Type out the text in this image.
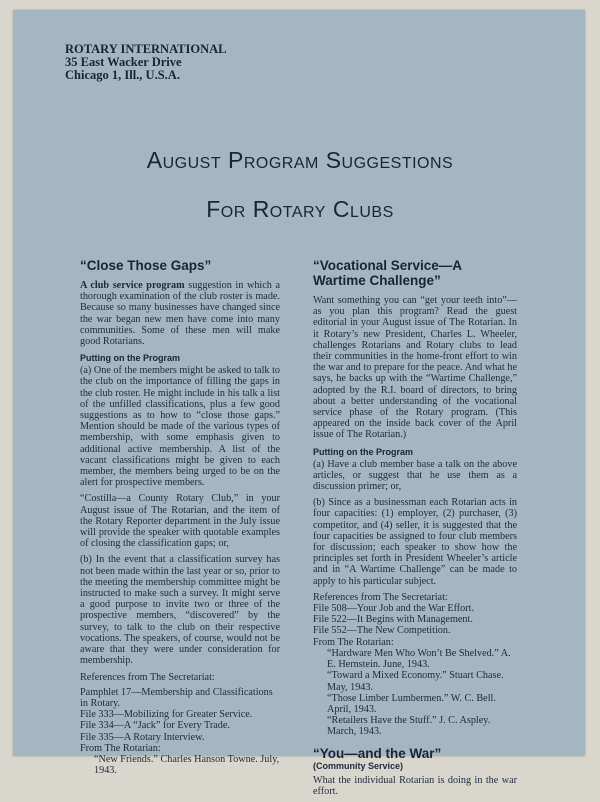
ROTARY INTERNATIONAL
35 East Wacker Drive
Chicago 1, Ill., U.S.A.
August Program Suggestions
For Rotary Clubs
“Close Those Gaps”

A club service program suggestion in which a thorough examination of the club roster is made. Because so many businesses have changed since the war began new men have come into many communities. Some of these men will make good Rotarians.

Putting on the Program

(a) One of the members might be asked to talk to the club on the importance of filling the gaps in the club roster. He might include in his talk a list of the unfilled classifications, plus a few good suggestions as to how to “close those gaps.” Mention should be made of the various types of membership, with some emphasis given to additional active membership. A list of the vacant classifications might be given to each member, the members being urged to be on the alert for prospective members.

“Costilla—a County Rotary Club,” in your August issue of The Rotarian, and the item of the Rotary Reporter department in the July issue will provide the speaker with quotable examples of closing the classification gaps; or,

(b) In the event that a classification survey has not been made within the last year or so, prior to the meeting the membership committee might be instructed to make such a survey. It might serve a good purpose to invite two or three of the prospective members, “discovered” by the survey, to talk to the club on their respective vocations. The speakers, of course, would not be aware that they were under consideration for membership.

References from The Secretariat:

Pamphlet 17—Membership and Classifications in Rotary.

File 333—Mobilizing for Greater Service.

File 334—A “Jack” for Every Trade.

File 335—A Rotary Interview.

From The Rotarian:

“New Friends.” Charles Hanson Towne. July, 1943.

“Vocational Service—A Wartime Challenge”

Want something you can “get your teeth into”—as you plan this program? Read the guest editorial in your August issue of The Rotarian. In it Rotary’s new President, Charles L. Wheeler, challenges Rotarians and Rotary clubs to lead their communities in the home-front effort to win the war and to prepare for the peace. And what he says, he backs up with the “Wartime Challenge,” adopted by the R.I. board of directors, to bring about a better understanding of the vocational service phase of the Rotary program. (This appeared on the inside back cover of the April issue of The Rotarian.)

Putting on the Program

(a) Have a club member base a talk on the above articles, or suggest that he use them as a discussion primer; or,

(b) Since as a businessman each Rotarian acts in four capacities: (1) employer, (2) purchaser, (3) competitor, and (4) seller, it is suggested that the four capacities be assigned to four club members for discussion; each speaker to show how the principles set forth in President Wheeler’s article and in “A Wartime Challenge” can be made to apply to his particular subject.

References from The Secretariat:

File 508—Your Job and the War Effort.

File 522—It Begins with Management.

File 552—The New Competition.

From The Rotarian:

“Hardware Men Who Won’t Be Shelved.” A. E. Hernstein. June, 1943.

“Toward a Mixed Economy.” Stuart Chase. May, 1943.

“Those Limber Lumbermen.” W. C. Bell. April, 1943.

“Retailers Have the Stuff.” J. C. Aspley. March, 1943.

“You—and the War”
(Community Service)

What the individual Rotarian is doing in the war effort.
